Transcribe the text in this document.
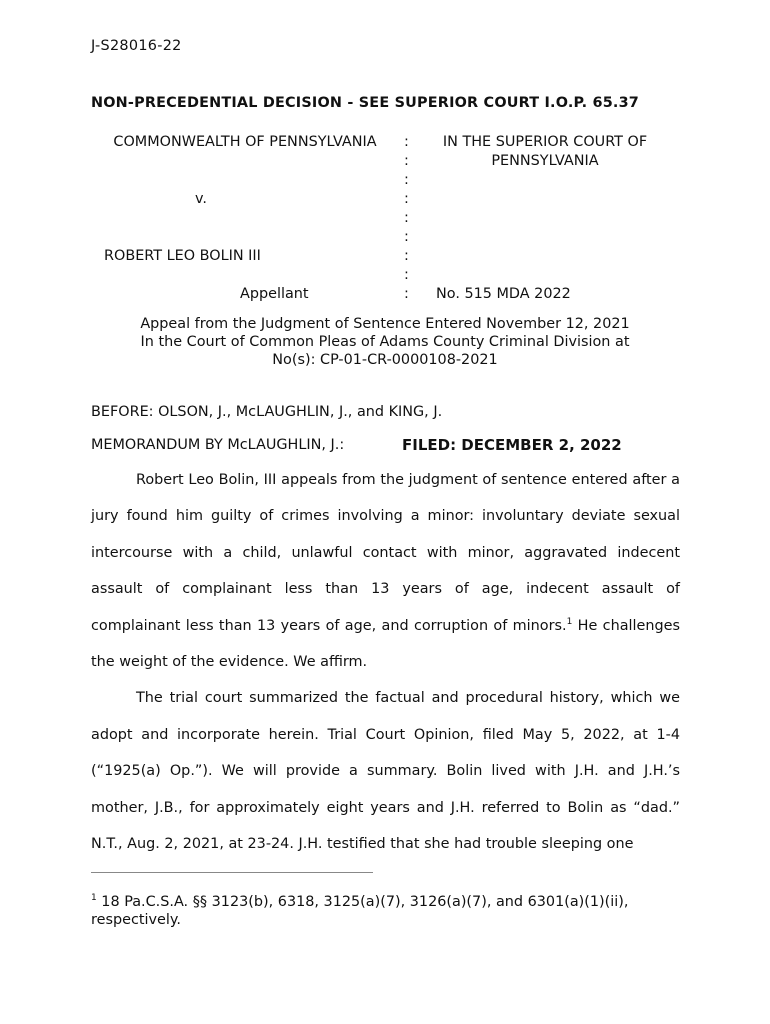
J-S28016-22
NON-PRECEDENTIAL DECISION - SEE SUPERIOR COURT I.O.P. 65.37
COMMONWEALTH OF PENNSYLVANIA
v.
ROBERT LEO BOLIN III
Appellant
:
:
:
:
:
:
:
:
:
IN THE SUPERIOR COURT OF
PENNSYLVANIA
No. 515 MDA 2022
Appeal from the Judgment of Sentence Entered November 12, 2021
In the Court of Common Pleas of Adams County Criminal Division at
No(s): CP-01-CR-0000108-2021
BEFORE: OLSON, J., McLAUGHLIN, J., and KING, J.
MEMORANDUM BY McLAUGHLIN, J.:	FILED: DECEMBER 2, 2022

Robert Leo Bolin, III appeals from the judgment of sentence entered after a jury found him guilty of crimes involving a minor: involuntary deviate sexual intercourse with a child, unlawful contact with minor, aggravated indecent assault of complainant less than 13 years of age, indecent assault of complainant less than 13 years of age, and corruption of minors.$^1$ He challenges the weight of the evidence. We affirm.

The trial court summarized the factual and procedural history, which we adopt and incorporate herein. Trial Court Opinion, filed May 5, 2022, at 1-4 (“1925(a) Op.”). We will provide a summary. Bolin lived with J.H. and J.H.’s mother, J.B., for approximately eight years and J.H. referred to Bolin as “dad.” N.T., Aug. 2, 2021, at 23-24. J.H. testified that she had trouble sleeping one

$^1$ 18 Pa.C.S.A. §§ 3123(b), 6318, 3125(a)(7), 3126(a)(7), and 6301(a)(1)(ii), respectively.
